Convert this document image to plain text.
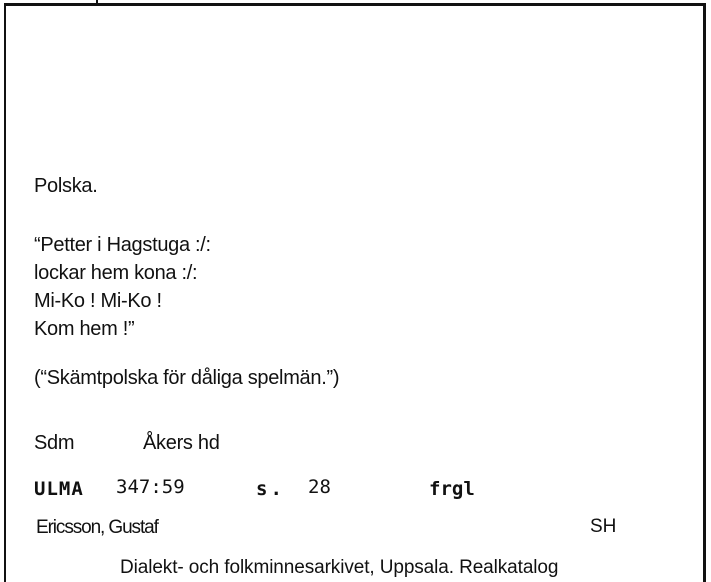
Polska.
“Petter i Hagstuga :/:
lockar hem kona :/:
Mi-Ko ! Mi-Ko !
Kom hem !”
(“Skämtpolska för dåliga spelmän.”)
Sdm	Åkers hd
ULMA 347:59	s. 28	frgl
Ericsson, Gustaf	SH
Dialekt- och folkminnesarkivet, Uppsala. Realkatalog
